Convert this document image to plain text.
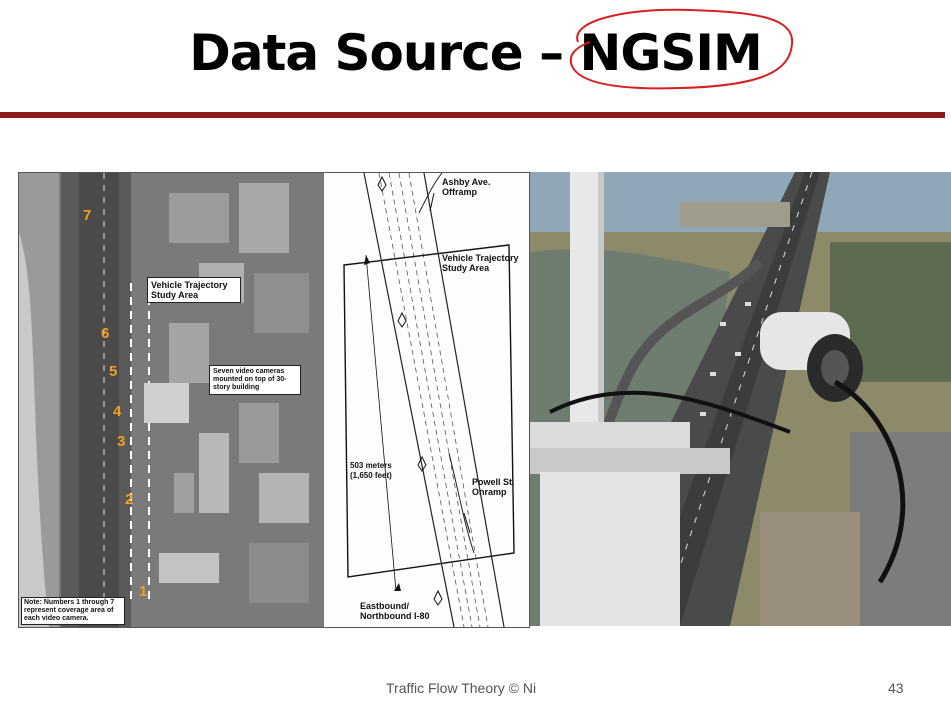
Data Source – NGSIM
7
6
5
4
3
2
1
Vehicle Trajectory Study Area
Seven video cameras mounted on top of 30-story building
Note: Numbers 1 through 7 represent coverage area of each video camera.
Ashby Ave. Offramp
Vehicle Trajectory Study Area
503 meters (1,650 feet)
Powell St. Onramp
Eastbound/ Northbound I-80
Traffic Flow Theory © Ni	43
